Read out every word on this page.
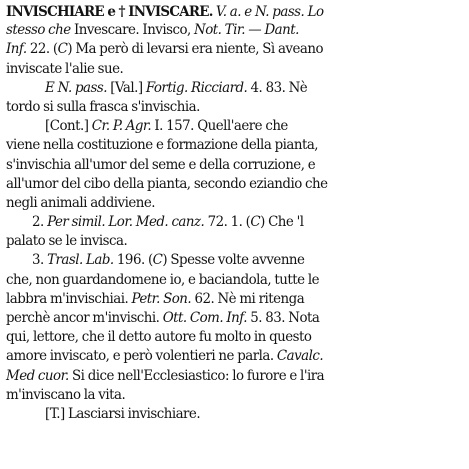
INVISCHIARE e † INVISCARE. V. a. e N. pass. Lo
stesso che Invescare. Invisco, Not. Tir. — Dant.
Inf. 22. (C) Ma però di levarsi era niente, Sì aveano
inviscate l'alie sue.
E N. pass. [Val.] Fortig. Ricciard. 4. 83. Nè
tordo si sulla frasca s'invischia.
[Cont.] Cr. P. Agr. I. 157. Quell'aere che
viene nella costituzione e formazione della pianta,
s'invischia all'umor del seme e della corruzione, e
all'umor del cibo della pianta, secondo eziandio che
negli animali addiviene.
2. Per simil. Lor. Med. canz. 72. 1. (C) Che 'l
palato se le invisca.
3. Trasl. Lab. 196. (C) Spesse volte avvenne
che, non guardandomene io, e baciandola, tutte le
labbra m'invischiai. Petr. Son. 62. Nè mi ritenga
perchè ancor m'invischi. Ott. Com. Inf. 5. 83. Nota
qui, lettore, che il detto autore fu molto in questo
amore inviscato, e però volentieri ne parla. Cavalc.
Med cuor. Si dice nell'Ecclesiastico: lo furore e l'ira
m'inviscano la vita.
[T.] Lasciarsi invischiare.
